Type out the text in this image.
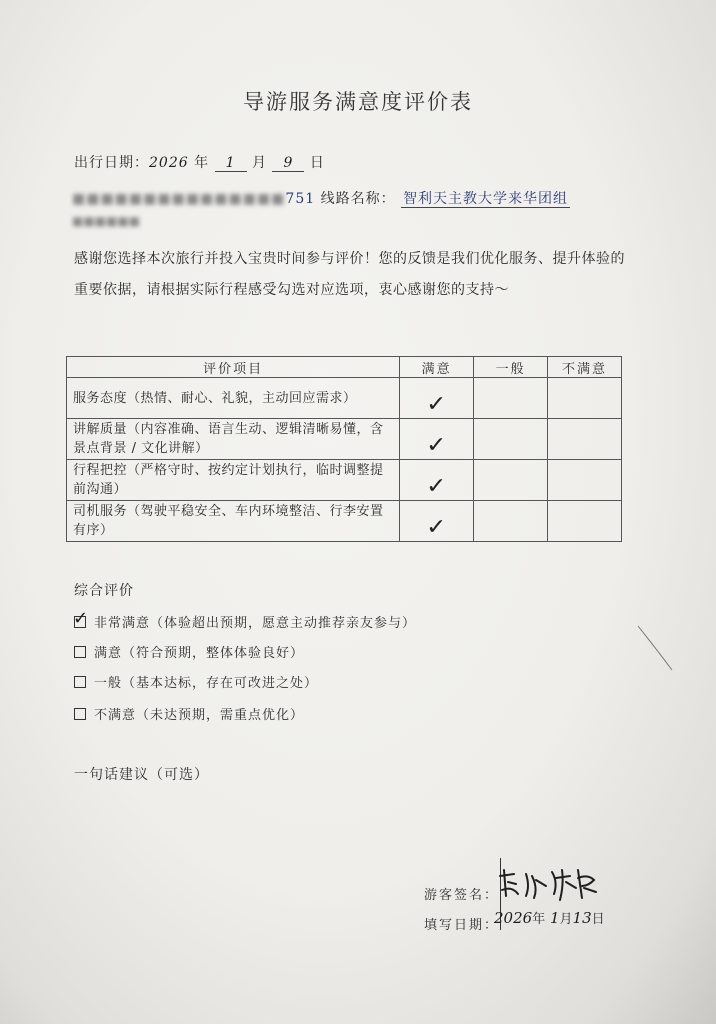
导游服务满意度评价表
出行日期：2026 年 1 月 9 日
■■■■■■■■■■■■■■■751 线路名称： 智利天主教大学来华团组
■■■■■■
感谢您选择本次旅行并投入宝贵时间参与评价！您的反馈是我们优化服务、提升体验的重要依据，请根据实际行程感受勾选对应选项，衷心感谢您的支持～
评价项目	满意	一般	不满意
服务态度（热情、耐心、礼貌，主动回应需求）	✓		
讲解质量（内容准确、语言生动、逻辑清晰易懂，含景点背景 / 文化讲解）	✓		
行程把控（严格守时、按约定计划执行，临时调整提前沟通）	✓		
司机服务（驾驶平稳安全、车内环境整洁、行李安置有序）	✓		
综合评价
✓ 非常满意（体验超出预期，愿意主动推荐亲友参与）
满意（符合预期，整体体验良好）
一般（基本达标，存在可改进之处）
不满意（未达预期，需重点优化）
一句话建议（可选）
游客签名：
填写日期：
2026年 1月13日
